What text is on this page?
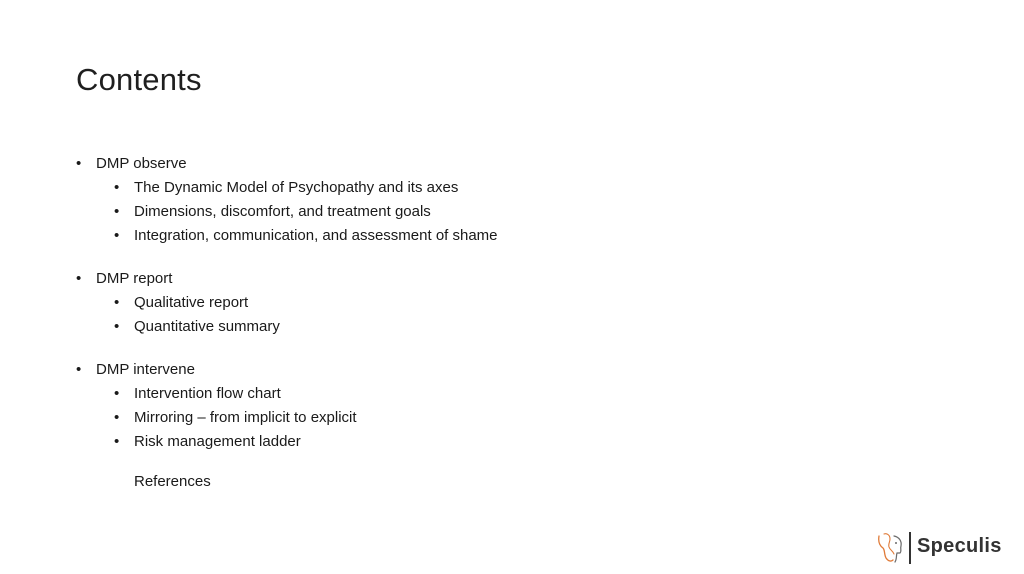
Contents
• DMP observe
• The Dynamic Model of Psychopathy and its axes
• Dimensions, discomfort, and treatment goals
• Integration, communication, and assessment of shame
• DMP report
• Qualitative report
• Quantitative summary
• DMP intervene
• Intervention flow chart
• Mirroring – from implicit to explicit
• Risk management ladder
References
Speculis
